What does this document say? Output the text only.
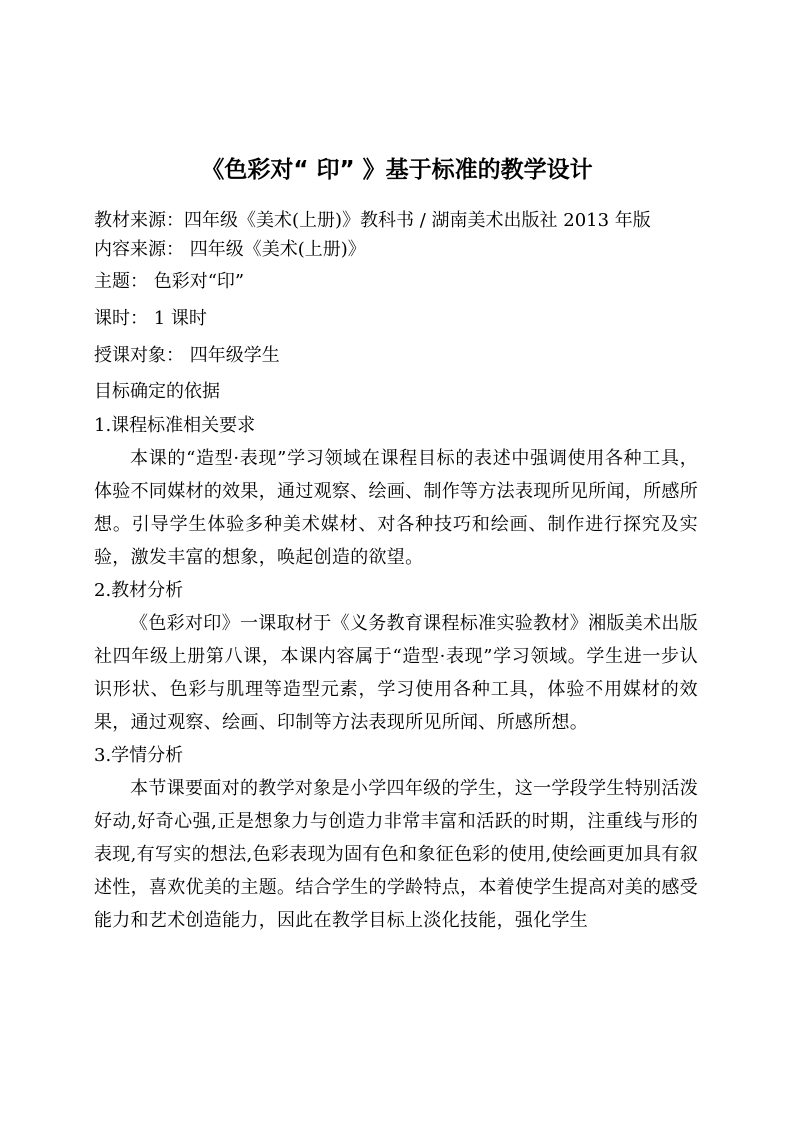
《色彩对“ 印” 》基于标准的教学设计
教材来源：四年级《美术(上册)》教科书 / 湖南美术出版社 2013 年版
内容来源： 四年级《美术(上册)》
主题： 色彩对“印”
课时： 1 课时
授课对象： 四年级学生
目标确定的依据
1.课程标准相关要求

本课的“造型·表现”学习领域在课程目标的表述中强调使用各种工具，体验不同媒材的效果，通过观察、绘画、制作等方法表现所见所闻，所感所想。引导学生体验多种美术媒材、对各种技巧和绘画、制作进行探究及实验，激发丰富的想象，唤起创造的欲望。

2.教材分析

《色彩对印》一课取材于《义务教育课程标准实验教材》湘版美术出版社四年级上册第八课，本课内容属于“造型·表现”学习领域。学生进一步认识形状、色彩与肌理等造型元素，学习使用各种工具，体验不用媒材的效果，通过观察、绘画、印制等方法表现所见所闻、所感所想。

3.学情分析

本节课要面对的教学对象是小学四年级的学生，这一学段学生特别活泼好动,好奇心强,正是想象力与创造力非常丰富和活跃的时期，注重线与形的表现,有写实的想法,色彩表现为固有色和象征色彩的使用,使绘画更加具有叙述性，喜欢优美的主题。结合学生的学龄特点，本着使学生提高对美的感受能力和艺术创造能力，因此在教学目标上淡化技能，强化学生
